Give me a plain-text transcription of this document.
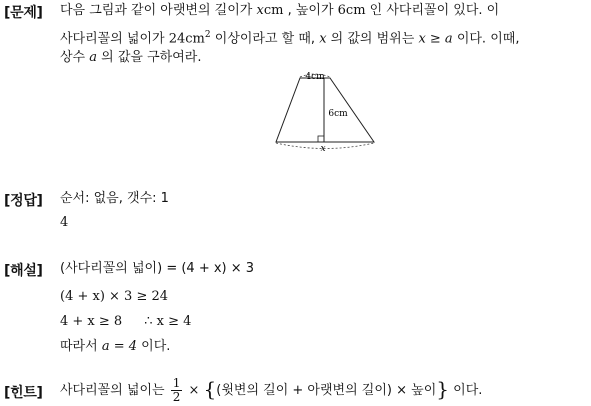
[문제] 다음 그림과 같이 아랫변의 길이가 xcm , 높이가 6cm 인 사다리꼴이 있다. 이
사다리꼴의 넓이가 $24cm^2$ 이상이라고 할 때, x 의 값의 범위는 x ≥ a 이다. 이때,
상수 a 의 값을 구하여라.
4cm
6cm
x
[정답] 순서: 없음, 갯수: 1
4
[해설] (사다리꼴의 넓이) = (4 + x) × 3
(4 + x) × 3 ≥ 24
4 + x ≥ 8 ∴ x ≥ 4
따라서 a = 4 이다.
[힌트] 사다리꼴의 넓이는 $\frac{1}{2}$ × {(윗변의 길이 + 아랫변의 길이) × 높이} 이다.
